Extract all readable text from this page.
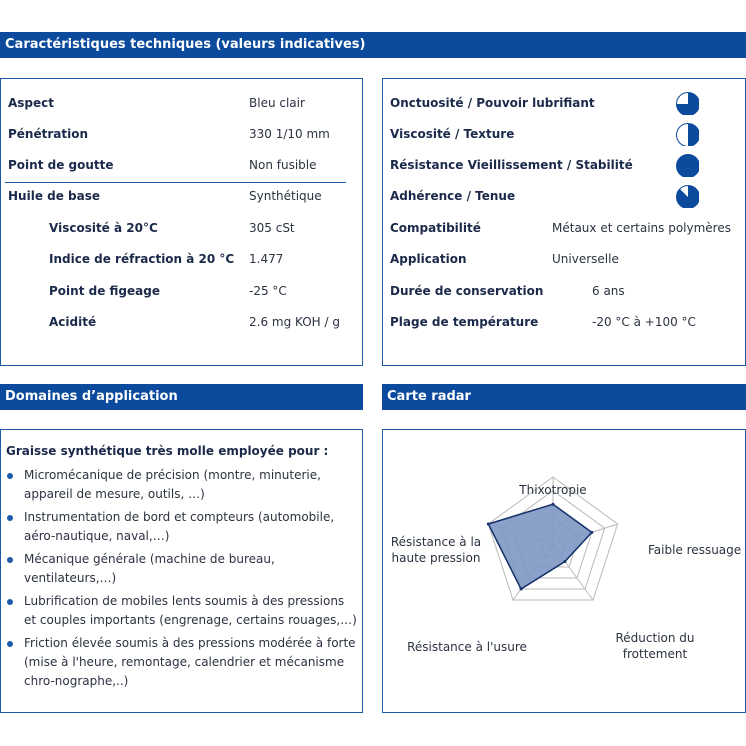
Caractéristiques techniques (valeurs indicatives)
Aspect	Bleu clair
Pénétration	330 1/10 mm
Point de goutte	Non fusible
Huile de base	Synthétique
Viscosité à 20°C	305 cSt
Indice de réfraction à 20 °C 1.477
Point de figeage	-25 °C
Acidité	2.6 mg KOH / g
Onctuosité / Pouvoir lubrifiant
Viscosité / Texture
Résistance Vieillissement / Stabilité
Adhérence / Tenue
Compatibilité	Métaux et certains polymères
Application	Universelle
Durée de conservation	6 ans
Plage de température	-20 °C à +100 °C
Domaines d’application	Carte radar
Graisse synthétique très molle employée pour :
Micromécanique de précision (montre, minuterie, appareil de mesure, outils, …)
Instrumentation de bord et compteurs (automobile, aéro-nautique, naval,…)
Mécanique générale (machine de bureau, ventilateurs,…)
Lubrification de mobiles lents soumis à des pressions et couples importants (engrenage, certains rouages,…)
Friction élevée soumis à des pressions modérée à forte (mise à l'heure, remontage, calendrier et mécanisme chro-nographe,..)
Thixotropie
Faible ressuage
Réduction du frottement
Résistance à l'usure
Résistance à la haute pression
